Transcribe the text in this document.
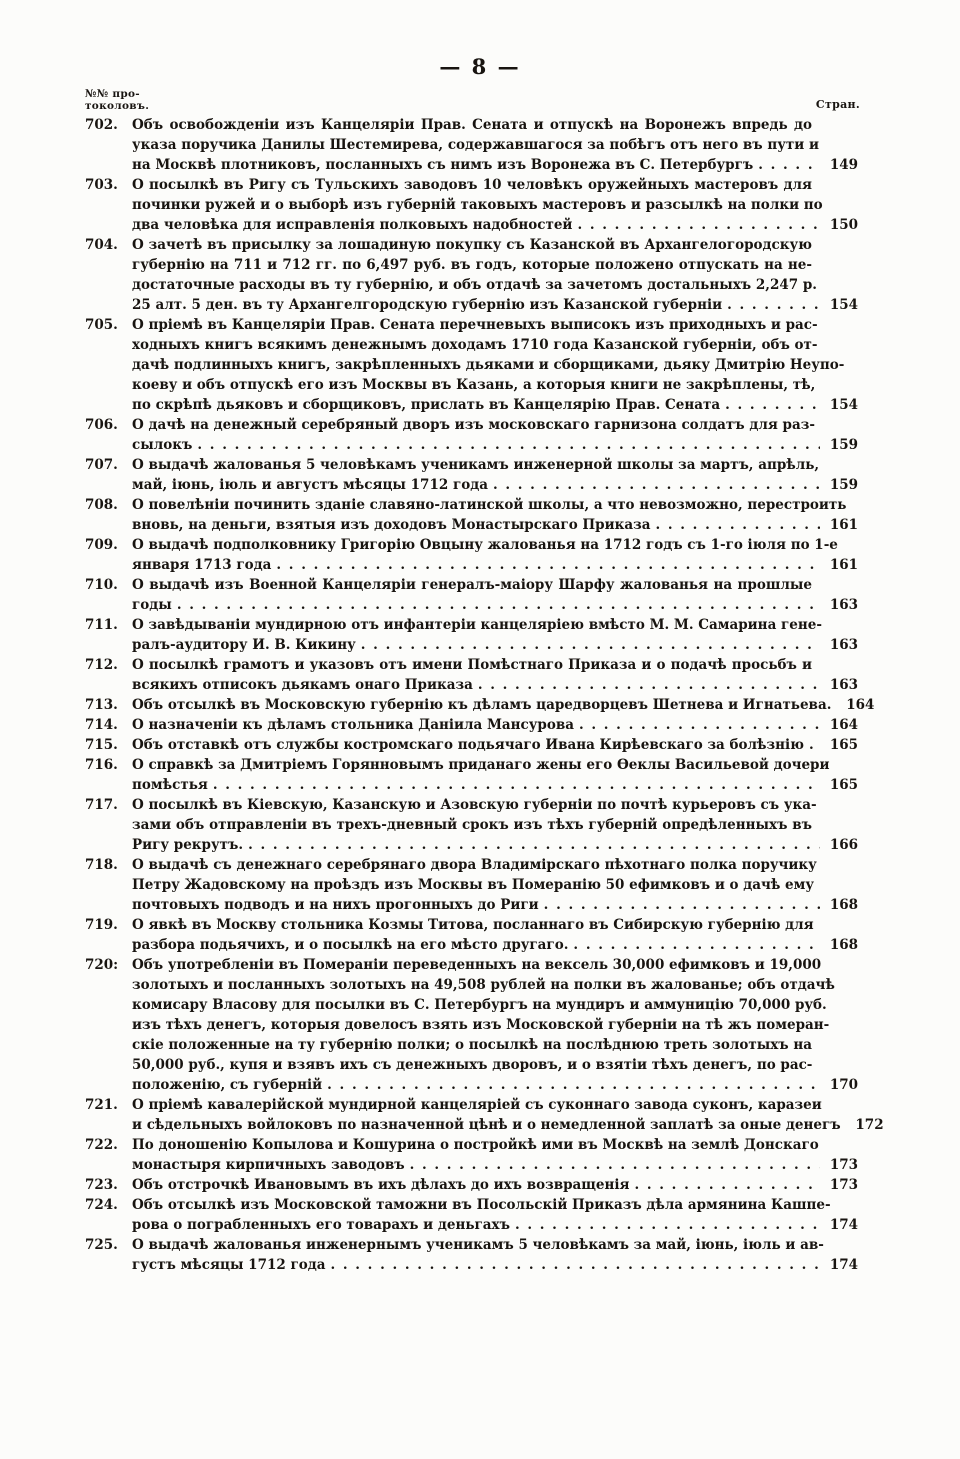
— 8 —
№№ про-
токоловъ.	Стран.
702.	Объ освобожденіи изъ Канцеляріи Прав. Сената и отпускѣ на Воронежъ впредь до
указа поручика Данилы Шестемирева, содержавшагося за побѣгъ отъ него въ пути и
на Москвѣ плотниковъ, посланныхъ съ нимъ изъ Воронежа въ С. Петербургъ . . .	149
703.	О посылкѣ въ Ригу съ Тульскихъ заводовъ 10 человѣкъ оружейныхъ мастеровъ для
починки ружей и о выборѣ изъ губерній таковыхъ мастеровъ и разсылкѣ на полки по
два человѣка для исправленія полковыхъ надобностей . . .	150
704.	О зачетѣ въ присылку за лошадиную покупку съ Казанской въ Архангелогородскую
губернію на 711 и 712 гг. по 6,497 руб. въ годъ, которые положено отпускать на не-
достаточные расходы въ ту губернію, и объ отдачѣ за зачетомъ достальныхъ 2,247 р.
25 алт. 5 ден. въ ту Архангелгородскую губернію изъ Казанской губерніи . . .	154
705.	О пріемѣ въ Канцеляріи Прав. Сената перечневыхъ выписокъ изъ приходныхъ и рас-
ходныхъ книгъ всякимъ денежнымъ доходамъ 1710 года Казанской губерніи, объ от-
дачѣ подлинныхъ книгъ, закрѣпленныхъ дьяками и сборщиками, дьяку Дмитрію Неупо-
коеву и объ отпускѣ его изъ Москвы въ Казань, а которыя книги не закрѣплены, тѣ,
по скрѣпѣ дьяковъ и сборщиковъ, прислать въ Канцелярію Прав. Сената . . .	154
706.	О дачѣ на денежный серебряный дворъ изъ московскаго гарнизона солдатъ для раз-
сылокъ . . .	159
707.	О выдачѣ жалованья 5 человѣкамъ ученикамъ инженерной школы за мартъ, апрѣль,
май, іюнь, іюль и августъ мѣсяцы 1712 года . . .	159
708.	О повелѣніи починить зданіе славяно-латинской школы, а что невозможно, перестроить
вновь, на деньги, взятыя изъ доходовъ Монастырскаго Приказа . . .	161
709.	О выдачѣ подполковнику Григорію Овцыну жалованья на 1712 годъ съ 1-го іюля по 1-е
января 1713 года . . .	161
710.	О выдачѣ изъ Военной Канцеляріи генералъ-маіору Шарфу жалованья на прошлые
годы . . .	163
711.	О завѣдываніи мундирною отъ инфантеріи канцеляріею вмѣсто М. М. Самарина гене-
ралъ-аудитору И. В. Кикину . . .	163
712.	О посылкѣ грамотъ и указовъ отъ имени Помѣстнаго Приказа и о подачѣ просьбъ и
всякихъ отписокъ дьякамъ онаго Приказа . . .	163
713.	Объ отсылкѣ въ Московскую губернію къ дѣламъ царедворцевъ Шетнева и Игнатьева. 164
714.	О назначеніи къ дѣламъ стольника Даніила Мансурова . . .	164
715.	Объ отставкѣ отъ службы костромскаго подьячаго Ивана Кирѣевскаго за болѣзнію . . . 165
716.	О справкѣ за Дмитріемъ Горянновымъ приданаго жены его Ѳеклы Васильевой дочери
помѣстья . . .	165
717.	О посылкѣ въ Кіевскую, Казанскую и Азовскую губерніи по почтѣ курьеровъ съ ука-
зами объ отправленіи въ трехъ-дневный срокъ изъ тѣхъ губерній опредѣленныхъ въ
Ригу рекрутъ. . . .	166
718.	О выдачѣ съ денежнаго серебрянаго двора Владимірскаго пѣхотнаго полка поручику
Петру Жадовскому на проѣздъ изъ Москвы въ Померанію 50 ефимковъ и о дачѣ ему
почтовыхъ подводъ и на нихъ прогонныхъ до Риги . . .	168
719.	О явкѣ въ Москву стольника Козмы Титова, посланнаго въ Сибирскую губернію для
разбора подьячихъ, и о посылкѣ на его мѣсто другаго. . . .	168
720:	Объ употребленіи въ Помераніи переведенныхъ на вексель 30,000 ефимковъ и 19,000
золотыхъ и посланныхъ золотыхъ на 49,508 рублей на полки въ жалованье; объ отдачѣ
комисару Власову для посылки въ С. Петербургъ на мундиръ и аммуницію 70,000 руб.
изъ тѣхъ денегъ, которыя довелосъ взять изъ Московской губерніи на тѣ жъ померан-
скіе положенные на ту губернію полки; о посылкѣ на послѣднюю треть золотыхъ на
50,000 руб., купя и взявъ ихъ съ денежныхъ дворовъ, и о взятіи тѣхъ денегъ, по рас-
положенію, съ губерній . . .	170
721.	О пріемѣ кавалерійской мундирной канцеляріей съ суконнаго завода суконъ, каразеи
и сѣдельныхъ войлоковъ по назначенной цѣнѣ и о немедленной заплатѣ за оные денегъ 172
722.	По доношенію Копылова и Кошурина о постройкѣ ими въ Москвѣ на землѣ Донскаго
монастыря кирпичныхъ заводовъ . . .	173
723.	Объ отстрочкѣ Ивановымъ въ ихъ дѣлахъ до ихъ возвращенія . . .	173
724.	Объ отсылкѣ изъ Московской таможни въ Посольскій Приказъ дѣла армянина Кашпе-
рова о пограбленныхъ его товарахъ и деньгахъ . . .	174
725.	О выдачѣ жалованья инженернымъ ученикамъ 5 человѣкамъ за май, іюнь, іюль и ав-
густъ мѣсяцы 1712 года . . .	174
